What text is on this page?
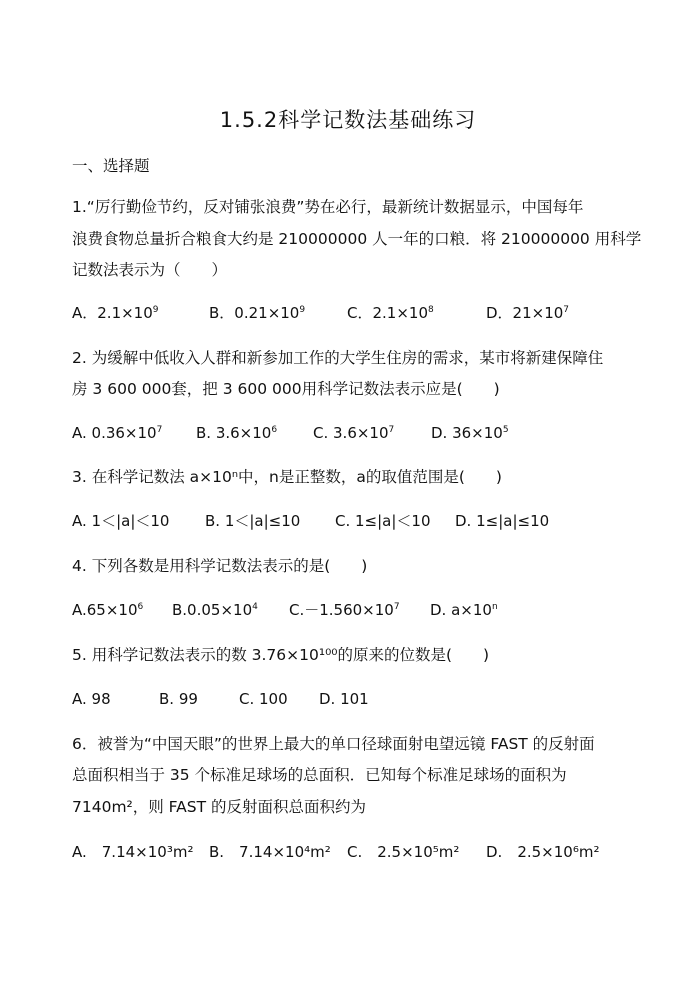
1.5.2科学记数法基础练习
一、选择题
1.“厉行勤俭节约，反对铺张浪费”势在必行，最新统计数据显示，中国每年
浪费食物总量折合粮食大约是 210000000 人一年的口粮．将 210000000 用科学
记数法表示为（　　）
A．$2.1\times 10^9$	B．$0.21\times 10^9$	C．$2.1\times 10^8$	D．$21\times 10^7$
2. 为缓解中低收入人群和新参加工作的大学生住房的需求，某市将新建保障住
房 3 600 000套，把 3 600 000用科学记数法表示应是(　　)
A. $0.36\times 10^7$ B. $3.6\times 10^6$ C. $3.6\times 10^7$ D. $36\times 10^5$
3. 在科学记数法 a×10ⁿ中，n是正整数，a的取值范围是(　　)
A. 1＜|a|＜10 B. 1＜|a|≤10 C. 1≤|a|＜10 D. 1≤|a|≤10
4. 下列各数是用科学记数法表示的是(　　)
$A.65\times 10^6$ $B.0.05\times 10^4$ $C.-1.560\times 10^7$ D. $a\times 10^n$
5. 用科学记数法表示的数 3.76×10¹⁰⁰的原来的位数是(　　)
A. 98	B. 99	C. 100 D. 101
6．被誉为“中国天眼”的世界上最大的单口径球面射电望远镜 FAST 的反射面
总面积相当于 35 个标准足球场的总面积．已知每个标准足球场的面积为
7140m²，则 FAST 的反射面积总面积约为
A.　7.14×10³m² B.　7.14×10⁴m² C.　2.5×10⁵m² D.　2.5×10⁶m²
